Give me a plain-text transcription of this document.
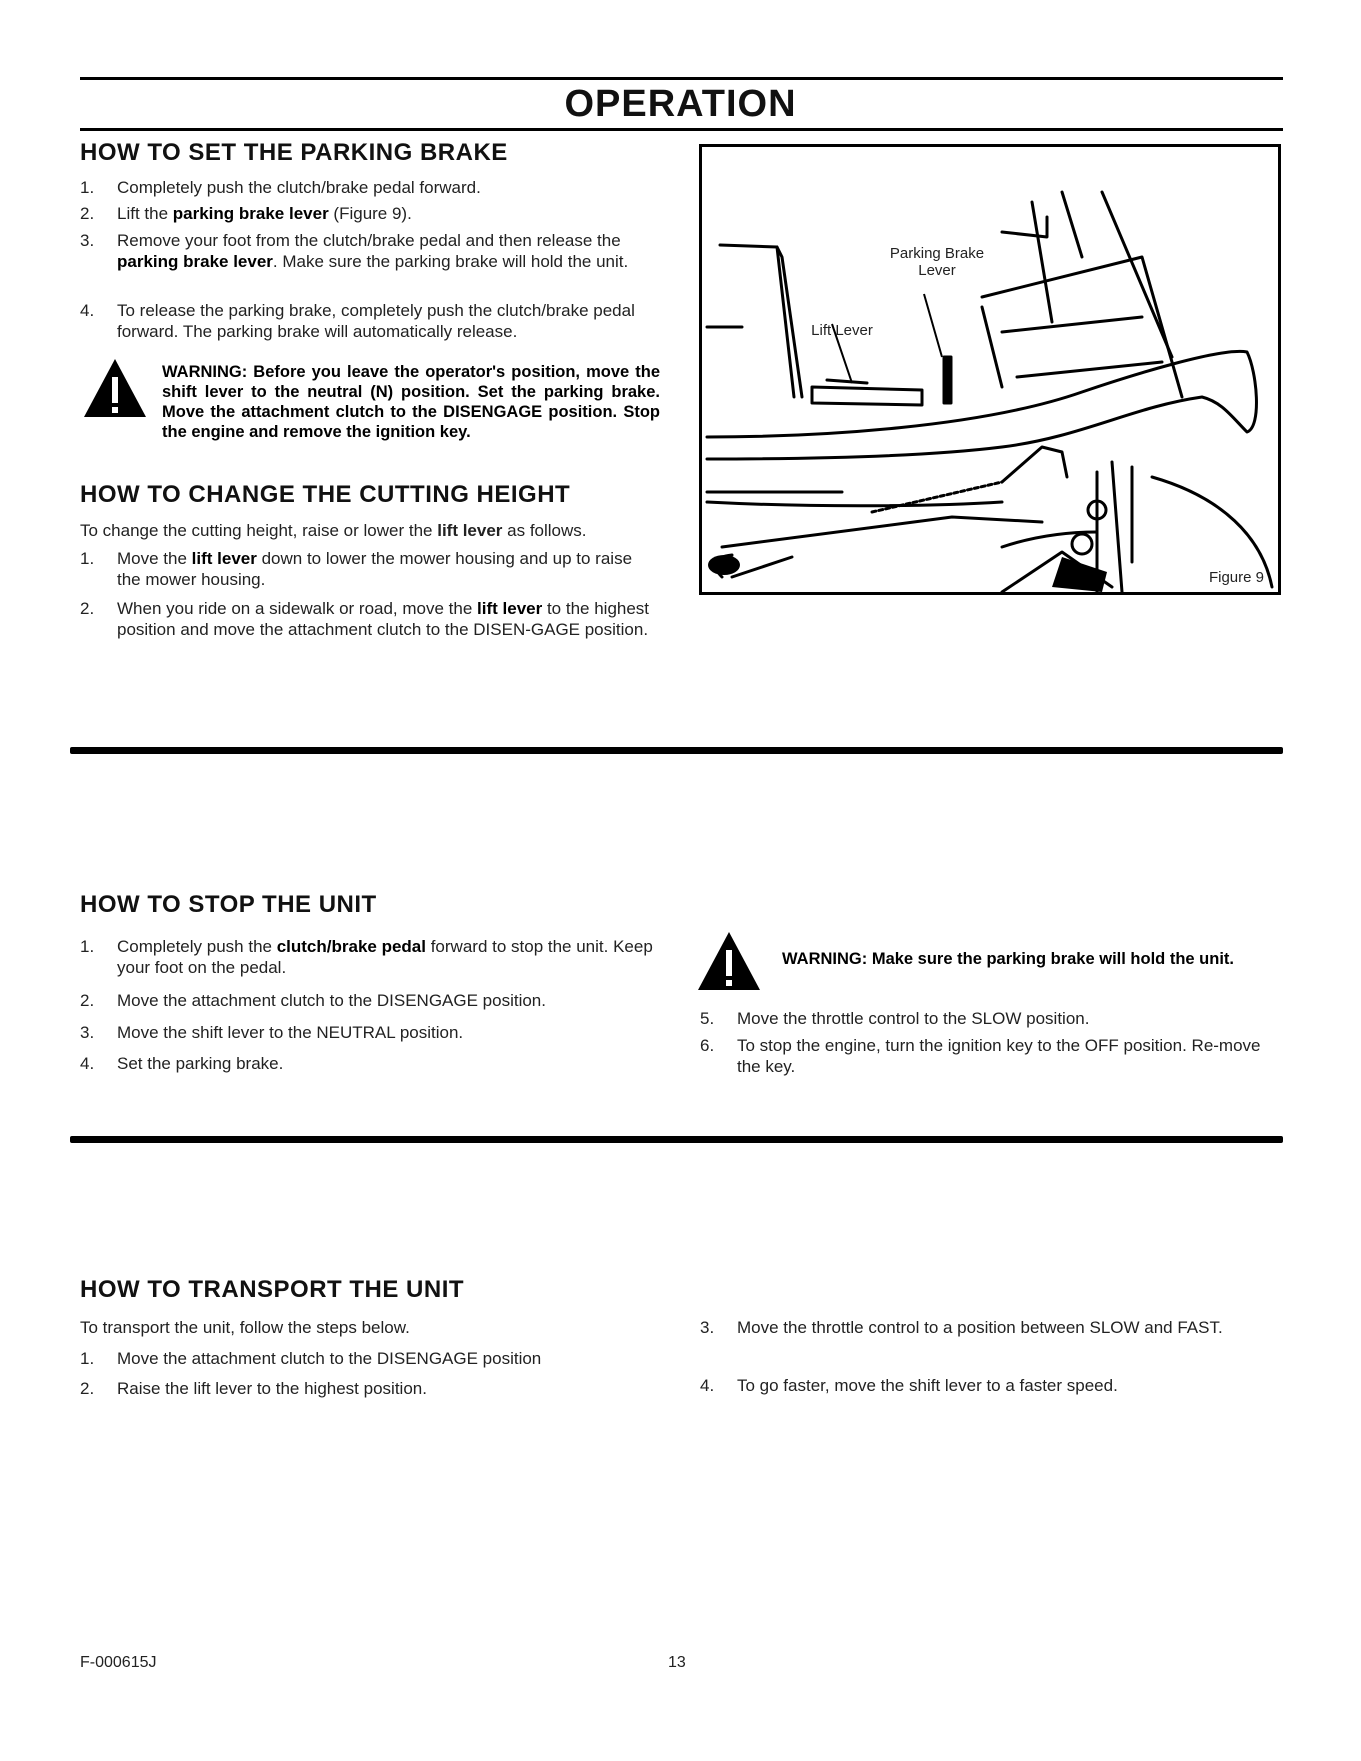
OPERATION
HOW TO SET THE PARKING BRAKE
1. Completely push the clutch/brake pedal forward.
2. Lift the parking brake lever (Figure 9).
3. Remove your foot from the clutch/brake pedal and then release the parking brake lever. Make sure the parking brake will hold the unit.
4. To release the parking brake, completely push the clutch/brake pedal forward. The parking brake will automatically release.
WARNING: Before you leave the operator's position, move the shift lever to the neutral (N) position. Set the parking brake. Move the attachment clutch to the DISENGAGE position. Stop the engine and remove the ignition key.
HOW TO CHANGE THE CUTTING HEIGHT
To change the cutting height, raise or lower the lift lever as follows.
1. Move the lift lever down to lower the mower housing and up to raise the mower housing.
2. When you ride on a sidewalk or road, move the lift lever to the highest position and move the attachment clutch to the DISEN-GAGE position.
Parking Brake
Lever
Lift Lever
Figure 9
HOW TO STOP THE UNIT
1. Completely push the clutch/brake pedal forward to stop the unit. Keep your foot on the pedal.
2. Move the attachment clutch to the DISENGAGE position.
3. Move the shift lever to the NEUTRAL position.
4. Set the parking brake.
WARNING: Make sure the parking brake will hold the unit.
5. Move the throttle control to the SLOW position.
6. To stop the engine, turn the ignition key to the OFF position. Re-move the key.
HOW TO TRANSPORT THE UNIT
To transport the unit, follow the steps below.
1. Move the attachment clutch to the DISENGAGE position
2. Raise the lift lever to the highest position.
3. Move the throttle control to a position between SLOW and FAST.
4. To go faster, move the shift lever to a faster speed.
F-000615J	13
